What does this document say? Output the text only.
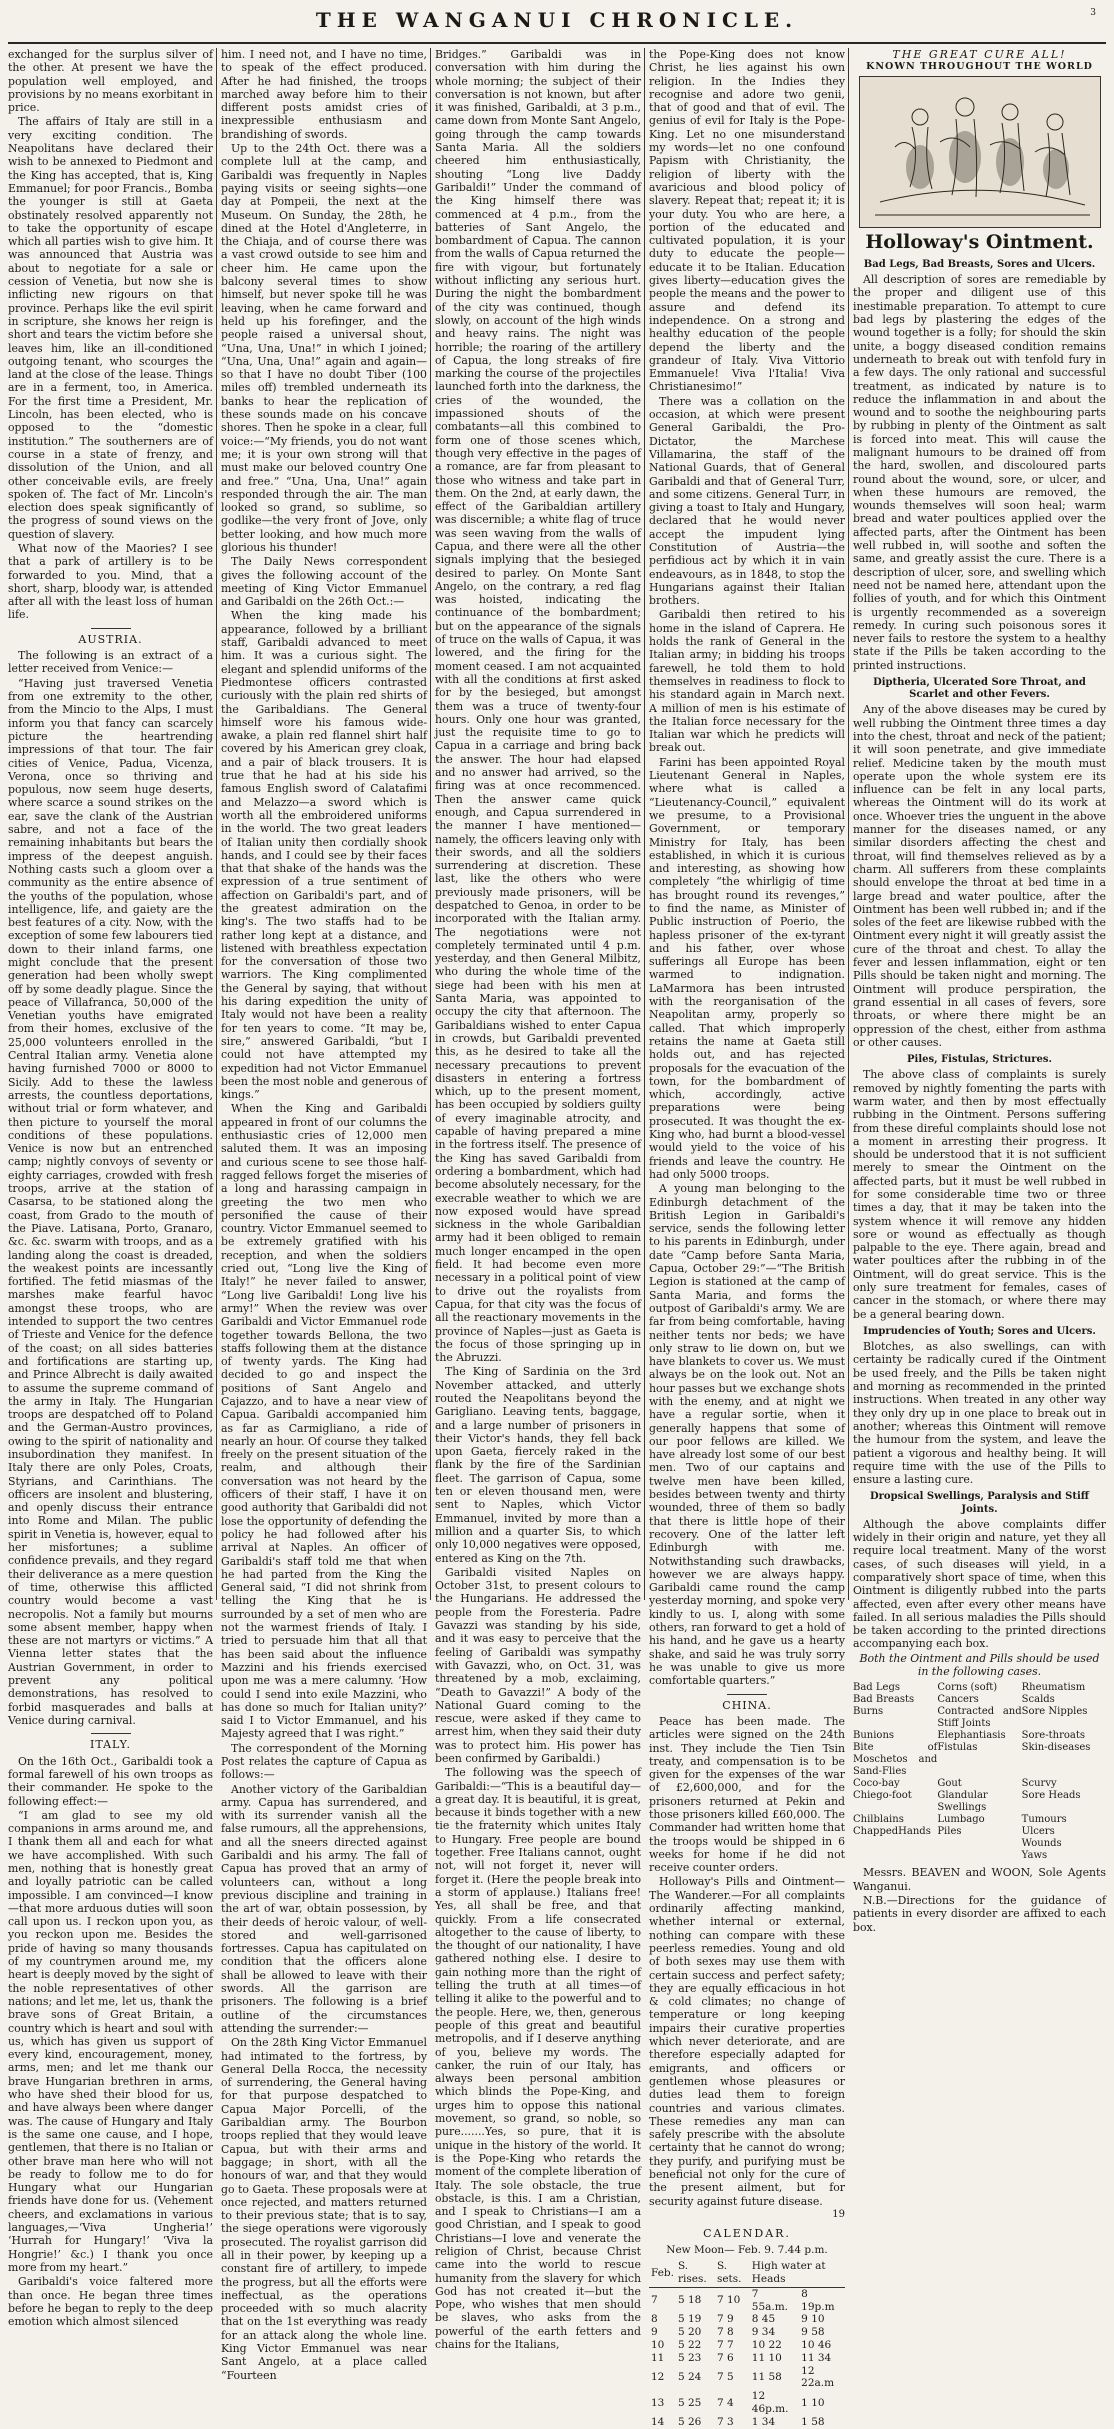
THE WANGANUI CHRONICLE.	3

exchanged for the surplus silver of the other. At present we have the population well employed, and provisions by no means exorbitant in price.

The affairs of Italy are still in a very exciting condition. The Neapolitans have declared their wish to be annexed to Piedmont and the King has accepted, that is, King Emmanuel; for poor Francis., Bomba the younger is still at Gaeta obstinately resolved apparently not to take the opportunity of escape which all parties wish to give him. It was announced that Austria was about to negotiate for a sale or cession of Venetia, but now she is inflicting new rigours on that province. Perhaps like the evil spirit in scripture, she knows her reign is short and tears the victim before she leaves him, like an ill-conditioned outgoing tenant, who scourges the land at the close of the lease. Things are in a ferment, too, in America. For the first time a President, Mr. Lincoln, has been elected, who is opposed to the “domestic institution.” The southerners are of course in a state of frenzy, and dissolution of the Union, and all other conceivable evils, are freely spoken of. The fact of Mr. Lincoln's election does speak significantly of the progress of sound views on the question of slavery.

What now of the Maories? I see that a park of artillery is to be forwarded to you. Mind, that a short, sharp, bloody war, is attended after all with the least loss of human life.

AUSTRIA.

The following is an extract of a letter received from Venice:—

“Having just traversed Venetia from one extremity to the other, from the Mincio to the Alps, I must inform you that fancy can scarcely picture the heartrending impressions of that tour. The fair cities of Venice, Padua, Vicenza, Verona, once so thriving and populous, now seem huge deserts, where scarce a sound strikes on the ear, save the clank of the Austrian sabre, and not a face of the remaining inhabitants but bears the impress of the deepest anguish. Nothing casts such a gloom over a community as the entire absence of the youths of the population, whose intelligence, life, and gaiety are the best features of a city. Now, with the exception of some few labourers tied down to their inland farms, one might conclude that the present generation had been wholly swept off by some deadly plague. Since the peace of Villafranca, 50,000 of the Venetian youths have emigrated from their homes, exclusive of the 25,000 volunteers enrolled in the Central Italian army. Venetia alone having furnished 7000 or 8000 to Sicily. Add to these the lawless arrests, the countless deportations, without trial or form whatever, and then picture to yourself the moral conditions of these populations. Venice is now but an entrenched camp; nightly convoys of seventy or eighty carriages, crowded with fresh troops, arrive at the station of Casarsa, to be stationed along the coast, from Grado to the mouth of the Piave. Latisana, Porto, Granaro, &c. &c. swarm with troops, and as a landing along the coast is dreaded, the weakest points are incessantly fortified. The fetid miasmas of the marshes make fearful havoc amongst these troops, who are intended to support the two centres of Trieste and Venice for the defence of the coast; on all sides batteries and fortifications are starting up, and Prince Albrecht is daily awaited to assume the supreme command of the army in Italy. The Hungarian troops are despatched off to Poland and the German-Austro provinces, owing to the spirit of nationality and insubordination they manifest. In Italy there are only Poles, Croats, Styrians, and Carinthians. The officers are insolent and blustering, and openly discuss their entrance into Rome and Milan. The public spirit in Venetia is, however, equal to her misfortunes; a sublime confidence prevails, and they regard their deliverance as a mere question of time, otherwise this afflicted country would become a vast necropolis. Not a family but mourns some absent member, happy when these are not martyrs or victims.” A Vienna letter states that the Austrian Government, in order to prevent any political demonstrations, has resolved to forbid masquerades and balls at Venice during carnival.

ITALY.

On the 16th Oct., Garibaldi took a formal farewell of his own troops as their commander. He spoke to the following effect:—

“I am glad to see my old companions in arms around me, and I thank them all and each for what we have accomplished. With such men, nothing that is honestly great and loyally patriotic can be called impossible. I am convinced—I know—that more arduous duties will soon call upon us. I reckon upon you, as you reckon upon me. Besides the pride of having so many thousands of my countrymen around me, my heart is deeply moved by the sight of the noble representatives of other nations; and let me, let us, thank the brave sons of Great Britain, a country which is heart and soul with us, which has given us support of every kind, encouragement, money, arms, men; and let me thank our brave Hungarian brethren in arms, who have shed their blood for us, and have always been where danger was. The cause of Hungary and Italy is the same one cause, and I hope, gentlemen, that there is no Italian or other brave man here who will not be ready to follow me to do for Hungary what our Hungarian friends have done for us. (Vehement cheers, and exclamations in various languages,—‘Viva Ungheria!’ ‘Hurrah for Hungary!’ ‘Viva la Hongrie!’ &c.) I thank you once more from my heart.”

Garibaldi's voice faltered more than once. He began three times before he began to reply to the deep emotion which almost silenced

him. I need not, and I have no time, to speak of the effect produced. After he had finished, the troops marched away before him to their different posts amidst cries of inexpressible enthusiasm and brandishing of swords.

Up to the 24th Oct. there was a complete lull at the camp, and Garibaldi was frequently in Naples paying visits or seeing sights—one day at Pompeii, the next at the Museum. On Sunday, the 28th, he dined at the Hotel d'Angleterre, in the Chiaja, and of course there was a vast crowd outside to see him and cheer him. He came upon the balcony several times to show himself, but never spoke till he was leaving, when he came forward and held up his forefinger, and the people raised a universal shout, “Una, Una, Una!” in which I joined; “Una, Una, Una!” again and again—so that I have no doubt Tiber (100 miles off) trembled underneath its banks to hear the replication of these sounds made on his concave shores. Then he spoke in a clear, full voice:—“My friends, you do not want me; it is your own strong will that must make our beloved country One and free.” “Una, Una, Una!” again responded through the air. The man looked so grand, so sublime, so godlike—the very front of Jove, only better looking, and how much more glorious his thunder!

The Daily News correspondent gives the following account of the meeting of King Victor Emmanuel and Garibaldi on the 26th Oct.:—

When the king made his appearance, followed by a brilliant staff, Garibaldi advanced to meet him. It was a curious sight. The elegant and splendid uniforms of the Piedmontese officers contrasted curiously with the plain red shirts of the Garibaldians. The General himself wore his famous wide-awake, a plain red flannel shirt half covered by his American grey cloak, and a pair of black trousers. It is true that he had at his side his famous English sword of Calatafimi and Melazzo—a sword which is worth all the embroidered uniforms in the world. The two great leaders of Italian unity then cordially shook hands, and I could see by their faces that that shake of the hands was the expression of a true sentiment of affection on Garibaldi's part, and of the greatest admiration on the king's. The two staffs had to be rather long kept at a distance, and listened with breathless expectation for the conversation of those two warriors. The King complimented the General by saying, that without his daring expedition the unity of Italy would not have been a reality for ten years to come. “It may be, sire,” answered Garibaldi, “but I could not have attempted my expedition had not Victor Emmanuel been the most noble and generous of kings.”

When the King and Garibaldi appeared in front of our columns the enthusiastic cries of 12,000 men saluted them. It was an imposing and curious scene to see those half-ragged fellows forget the miseries of a long and harassing campaign in greeting the two men who personified the cause of their country. Victor Emmanuel seemed to be extremely gratified with his reception, and when the soldiers cried out, “Long live the King of Italy!” he never failed to answer, “Long live Garibaldi! Long live his army!” When the review was over Garibaldi and Victor Emmanuel rode together towards Bellona, the two staffs following them at the distance of twenty yards. The King had decided to go and inspect the positions of Sant Angelo and Cajazzo, and to have a near view of Capua. Garibaldi accompanied him as far as Carmigliano, a ride of nearly an hour. Of course they talked freely on the present situation of the realm, and although their conversation was not heard by the officers of their staff, I have it on good authority that Garibaldi did not lose the opportunity of defending the policy he had followed after his arrival at Naples. An officer of Garibaldi's staff told me that when he had parted from the King the General said, “I did not shrink from telling the King that he is surrounded by a set of men who are not the warmest friends of Italy. I tried to persuade him that all that has been said about the influence Mazzini and his friends exercised upon me was a mere calumny. ‘How could I send into exile Mazzini, who has done so much for Italian unity?’ said I to Victor Emmanuel, and his Majesty agreed that I was right.”

The correspondent of the Morning Post relates the capture of Capua as follows:—

Another victory of the Garibaldian army. Capua has surrendered, and with its surrender vanish all the false rumours, all the apprehensions, and all the sneers directed against Garibaldi and his army. The fall of Capua has proved that an army of volunteers can, without a long previous discipline and training in the art of war, obtain possession, by their deeds of heroic valour, of well-stored and well-garrisoned fortresses. Capua has capitulated on condition that the officers alone shall be allowed to leave with their swords. All the garrison are prisoners. The following is a brief outline of the circumstances attending the surrender:—

On the 28th King Victor Emmanuel had intimated to the fortress, by General Della Rocca, the necessity of surrendering, the General having for that purpose despatched to Capua Major Porcelli, of the Garibaldian army. The Bourbon troops replied that they would leave Capua, but with their arms and baggage; in short, with all the honours of war, and that they would go to Gaeta. These proposals were at once rejected, and matters returned to their previous state; that is to say, the siege operations were vigorously prosecuted. The royalist garrison did all in their power, by keeping up a constant fire of artillery, to impede the progress, but all the efforts were ineffectual, as the operations proceeded with so much alacrity that on the 1st everything was ready for an attack along the whole line. King Victor Emmanuel was near Sant Angelo, at a place called “Fourteen

Bridges.” Garibaldi was in conversation with him during the whole morning; the subject of their conversation is not known, but after it was finished, Garibaldi, at 3 p.m., came down from Monte Sant Angelo, going through the camp towards Santa Maria. All the soldiers cheered him enthusiastically, shouting “Long live Daddy Garibaldi!” Under the command of the King himself there was commenced at 4 p.m., from the batteries of Sant Angelo, the bombardment of Capua. The cannon from the walls of Capua returned the fire with vigour, but fortunately without inflicting any serious hurt. During the night the bombardment of the city was continued, though slowly, on account of the high winds and heavy rains. The night was horrible; the roaring of the artillery of Capua, the long streaks of fire marking the course of the projectiles launched forth into the darkness, the cries of the wounded, the impassioned shouts of the combatants—all this combined to form one of those scenes which, though very effective in the pages of a romance, are far from pleasant to those who witness and take part in them. On the 2nd, at early dawn, the effect of the Garibaldian artillery was discernible; a white flag of truce was seen waving from the walls of Capua, and there were all the other signals implying that the besieged desired to parley. On Monte Sant Angelo, on the contrary, a red flag was hoisted, indicating the continuance of the bombardment; but on the appearance of the signals of truce on the walls of Capua, it was lowered, and the firing for the moment ceased. I am not acquainted with all the conditions at first asked for by the besieged, but amongst them was a truce of twenty-four hours. Only one hour was granted, just the requisite time to go to Capua in a carriage and bring back the answer. The hour had elapsed and no answer had arrived, so the firing was at once recommenced. Then the answer came quick enough, and Capua surrendered in the manner I have mentioned—namely, the officers leaving only with their swords, and all the soldiers surrendering at discretion. These last, like the others who were previously made prisoners, will be despatched to Genoa, in order to be incorporated with the Italian army. The negotiations were not completely terminated until 4 p.m. yesterday, and then General Milbitz, who during the whole time of the siege had been with his men at Santa Maria, was appointed to occupy the city that afternoon. The Garibaldians wished to enter Capua in crowds, but Garibaldi prevented this, as he desired to take all the necessary precautions to prevent disasters in entering a fortress which, up to the present moment, has been occupied by soldiers guilty of every imaginable atrocity, and capable of having prepared a mine in the fortress itself. The presence of the King has saved Garibaldi from ordering a bombardment, which had become absolutely necessary, for the execrable weather to which we are now exposed would have spread sickness in the whole Garibaldian army had it been obliged to remain much longer encamped in the open field. It had become even more necessary in a political point of view to drive out the royalists from Capua, for that city was the focus of all the reactionary movements in the province of Naples—just as Gaeta is the focus of those springing up in the Abruzzi.

The King of Sardinia on the 3rd November attacked, and utterly routed the Neapolitans beyond the Garigliano. Leaving tents, baggage, and a large number of prisoners in their Victor's hands, they fell back upon Gaeta, fiercely raked in the flank by the fire of the Sardinian fleet. The garrison of Capua, some ten or eleven thousand men, were sent to Naples, which Victor Emmanuel, invited by more than a million and a quarter Sis, to which only 10,000 negatives were opposed, entered as King on the 7th.

Garibaldi visited Naples on October 31st, to present colours to the Hungarians. He addressed the people from the Foresteria. Padre Gavazzi was standing by his side, and it was easy to perceive that the feeling of Garibaldi was sympathy with Gavazzi, who, on Oct. 31, was threatened by a mob, exclaiming, “Death to Gavazzi!” A body of the National Guard coming to the rescue, were asked if they came to arrest him, when they said their duty was to protect him. His power has been confirmed by Garibaldi.)

The following was the speech of Garibaldi:—“This is a beautiful day—a great day. It is beautiful, it is great, because it binds together with a new tie the fraternity which unites Italy to Hungary. Free people are bound together. Free Italians cannot, ought not, will not forget it, never will forget it. (Here the people break into a storm of applause.) Italians free! Yes, all shall be free, and that quickly. From a life consecrated altogether to the cause of liberty, to the thought of our nationality, I have gathered nothing else. I desire to gain nothing more than the right of telling the truth at all times—of telling it alike to the powerful and to the people. Here, we, then, generous people of this great and beautiful metropolis, and if I deserve anything of you, believe my words. The canker, the ruin of our Italy, has always been personal ambition which blinds the Pope-King, and urges him to oppose this national movement, so grand, so noble, so pure.......Yes, so pure, that it is unique in the history of the world. It is the Pope-King who retards the moment of the complete liberation of Italy. The sole obstacle, the true obstacle, is this. I am a Christian, and I speak to Christians—I am a good Christian, and I speak to good Christians—I love and venerate the religion of Christ, because Christ came into the world to rescue humanity from the slavery for which God has not created it—but the Pope, who wishes that men should be slaves, who asks from the powerful of the earth fetters and chains for the Italians,

the Pope-King does not know Christ, he lies against his own religion. In the Indies they recognise and adore two genii, that of good and that of evil. The genius of evil for Italy is the Pope-King. Let no one misunderstand my words—let no one confound Papism with Christianity, the religion of liberty with the avaricious and blood policy of slavery. Repeat that; repeat it; it is your duty. You who are here, a portion of the educated and cultivated population, it is your duty to educate the people—educate it to be Italian. Education gives liberty—education gives the people the means and the power to assure and defend its independence. On a strong and healthy education of the people depend the liberty and the grandeur of Italy. Viva Vittorio Emmanuele! Viva l'Italia! Viva Christianesimo!”

There was a collation on the occasion, at which were present General Garibaldi, the Pro-Dictator, the Marchese Villamarina, the staff of the National Guards, that of General Garibaldi and that of General Turr, and some citizens. General Turr, in giving a toast to Italy and Hungary, declared that he would never accept the impudent lying Constitution of Austria—the perfidious act by which it in vain endeavours, as in 1848, to stop the Hungarians against their Italian brothers.

Garibaldi then retired to his home in the island of Caprera. He holds the rank of General in the Italian army; in bidding his troops farewell, he told them to hold themselves in readiness to flock to his standard again in March next. A million of men is his estimate of the Italian force necessary for the Italian war which he predicts will break out.

Farini has been appointed Royal Lieutenant General in Naples, where what is called a “Lieutenancy-Council,” equivalent we presume, to a Provisional Government, or temporary Ministry for Italy, has been established, in which it is curious and interesting, as showing how completely “the whirligig of time has brought round its revenges,” to find the name, as Minister of Public instruction of Poerio, the hapless prisoner of the ex-tyrant and his father, over whose sufferings all Europe has been warmed to indignation. LaMarmora has been intrusted with the reorganisation of the Neapolitan army, properly so called. That which improperly retains the name at Gaeta still holds out, and has rejected proposals for the evacuation of the town, for the bombardment of which, accordingly, active preparations were being prosecuted. It was thought the ex-King who, had burnt a blood-vessel would yield to the voice of his friends and leave the country. He had only 5000 troops.

A young man belonging to the Edinburgh detachment of the British Legion in Garibaldi's service, sends the following letter to his parents in Edinburgh, under date “Camp before Santa Maria, Capua, October 29:”—“The British Legion is stationed at the camp of Santa Maria, and forms the outpost of Garibaldi's army. We are far from being comfortable, having neither tents nor beds; we have only straw to lie down on, but we have blankets to cover us. We must always be on the look out. Not an hour passes but we exchange shots with the enemy, and at night we have a regular sortie, when it generally happens that some of our poor fellows are killed. We have already lost some of our best men. Two of our captains and twelve men have been killed, besides between twenty and thirty wounded, three of them so badly that there is little hope of their recovery. One of the latter left Edinburgh with me. Notwithstanding such drawbacks, however we are always happy. Garibaldi came round the camp yesterday morning, and spoke very kindly to us. I, along with some others, ran forward to get a hold of his hand, and he gave us a hearty shake, and said he was truly sorry he was unable to give us more comfortable quarters.”

CHINA.

Peace has been made. The articles were signed on the 24th inst. They include the Tien Tsin treaty, and compensation is to be given for the expenses of the war of £2,600,000, and for the prisoners returned at Pekin and those prisoners killed £60,000. The Commander had written home that the troops would be shipped in 6 weeks for home if he did not receive counter orders.

Holloway's Pills and Ointment—The Wanderer.—For all complaints ordinarily affecting mankind, whether internal or external, nothing can compare with these peerless remedies. Young and old of both sexes may use them with certain success and perfect safety; they are equally efficacious in hot & cold climates; no change of temperature or long keeping impairs their curative properties which never deteriorate, and are therefore especially adapted for emigrants, and officers or gentlemen whose pleasures or duties lead them to foreign countries and various climates. These remedies any man can safely prescribe with the absolute certainty that he cannot do wrong; they purify, and purifying must be beneficial not only for the cure of the present ailment, but for security against future disease.

19
CALENDAR.
New Moon— Feb. 9. 7.44 p.m.
Feb.	S. rises.	S. sets.	High water at Heads	
7	5 18	7 10	7 55a.m.	8 19p.m
8	5 19	7 9	8 45	9 10
9	5 20	7 8	9 34	9 58
10	5 22	7 7	10 22	10 46
11	5 23	7 6	11 10	11 34
12	5 24	7 5	11 58	12 22a.m
13	5 25	7 4	12 46p.m.	1 10
14	5 26	7 3	1 34	1 58
THE GREAT CURE ALL!
KNOWN THROUGHOUT THE WORLD
Holloway's Ointment.
Bad Legs, Bad Breasts, Sores and Ulcers.

All description of sores are remediable by the proper and diligent use of this inestimable preparation. To attempt to cure bad legs by plastering the edges of the wound together is a folly; for should the skin unite, a boggy diseased condition remains underneath to break out with tenfold fury in a few days. The only rational and successful treatment, as indicated by nature is to reduce the inflammation in and about the wound and to soothe the neighbouring parts by rubbing in plenty of the Ointment as salt is forced into meat. This will cause the malignant humours to be drained off from the hard, swollen, and discoloured parts round about the wound, sore, or ulcer, and when these humours are removed, the wounds themselves will soon heal; warm bread and water poultices applied over the affected parts, after the Ointment has been well rubbed in, will soothe and soften the same, and greatly assist the cure. There is a description of ulcer, sore, and swelling which need not be named here, attendant upon the follies of youth, and for which this Ointment is urgently recommended as a sovereign remedy. In curing such poisonous sores it never fails to restore the system to a healthy state if the Pills be taken according to the printed instructions.

Diptheria, Ulcerated Sore Throat, and Scarlet and other Fevers.

Any of the above diseases may be cured by well rubbing the Ointment three times a day into the chest, throat and neck of the patient; it will soon penetrate, and give immediate relief. Medicine taken by the mouth must operate upon the whole system ere its influence can be felt in any local parts, whereas the Ointment will do its work at once. Whoever tries the unguent in the above manner for the diseases named, or any similar disorders affecting the chest and throat, will find themselves relieved as by a charm. All sufferers from these complaints should envelope the throat at bed time in a large bread and water poultice, after the Ointment has been well rubbed in; and if the soles of the feet are likewise rubbed with the Ointment every night it will greatly assist the cure of the throat and chest. To allay the fever and lessen inflammation, eight or ten Pills should be taken night and morning. The Ointment will produce perspiration, the grand essential in all cases of fevers, sore throats, or where there might be an oppression of the chest, either from asthma or other causes.

Piles, Fistulas, Strictures.

The above class of complaints is surely removed by nightly fomenting the parts with warm water, and then by most effectually rubbing in the Ointment. Persons suffering from these direful complaints should lose not a moment in arresting their progress. It should be understood that it is not sufficient merely to smear the Ointment on the affected parts, but it must be well rubbed in for some considerable time two or three times a day, that it may be taken into the system whence it will remove any hidden sore or wound as effectually as though palpable to the eye. There again, bread and water poultices after the rubbing in of the Ointment, will do great service. This is the only sure treatment for females, cases of cancer in the stomach, or where there may be a general bearing down.

Imprudencies of Youth; Sores and Ulcers.

Blotches, as also swellings, can with certainty be radically cured if the Ointment be used freely, and the Pills be taken night and morning as recommended in the printed instructions. When treated in any other way they only dry up in one place to break out in another; whereas this Ointment will remove the humour from the system, and leave the patient a vigorous and healthy being. It will require time with the use of the Pills to ensure a lasting cure.

Dropsical Swellings, Paralysis and Stiff Joints.

Although the above complaints differ widely in their origin and nature, yet they all require local treatment. Many of the worst cases, of such diseases will yield, in a comparatively short space of time, when this Ointment is diligently rubbed into the parts affected, even after every other means have failed. In all serious maladies the Pills should be taken according to the printed directions accompanying each box.

Both the Ointment and Pills should be used in the following cases.
Bad Legs	Corns (soft)	Rheumatism
Bad Breasts	Cancers	Scalds
Burns	Contracted and Stiff Joints
Sore Nipples
Bunions	Elephantiasis	Sore-throats
Bite of Moschetos and Sand-Flies
Fistulas	Skin-diseases
Coco-bay	Gout	Scurvy
Chiego-foot	Glandular Swellings
Sore Heads
Chilblains	Lumbago	Tumours
ChappedHands Piles	Ulcers
Wounds
Yaws

Messrs. BEAVEN and WOON, Sole Agents Wanganui.

N.B.—Directions for the guidance of patients in every disorder are affixed to each box.
